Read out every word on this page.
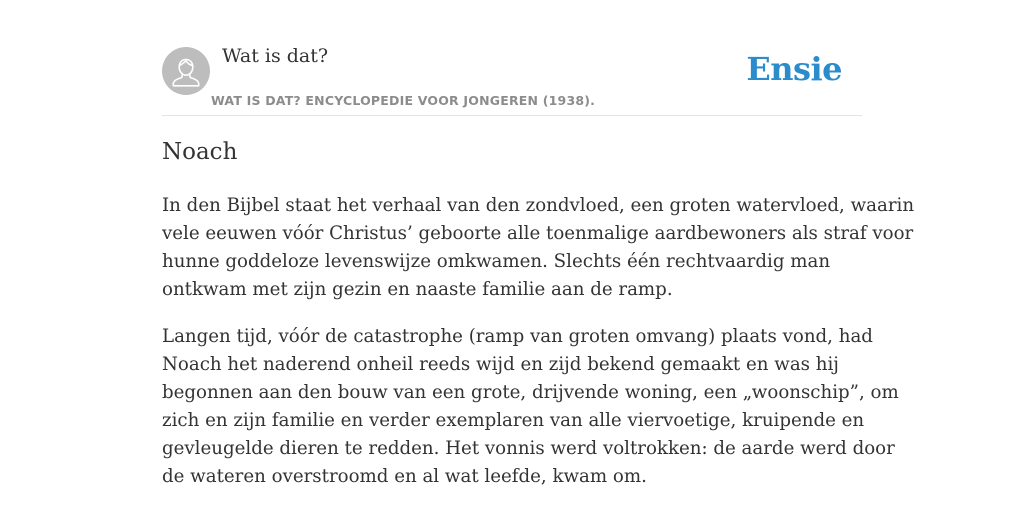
Wat is dat?
WAT IS DAT? ENCYCLOPEDIE VOOR JONGEREN (1938).
Ensie
Noach

In den Bijbel staat het verhaal van den zondvloed, een groten watervloed, waarin
vele eeuwen vóór Christus’ geboorte alle toenmalige aardbewoners als straf voor
hunne goddeloze levenswijze omkwamen. Slechts één rechtvaardig man
ontkwam met zijn gezin en naaste familie aan de ramp.

Langen tijd, vóór de catastrophe (ramp van groten omvang) plaats vond, had
Noach het naderend onheil reeds wijd en zijd bekend gemaakt en was hij
begonnen aan den bouw van een grote, drijvende woning, een „woonschip”, om
zich en zijn familie en verder exemplaren van alle viervoetige, kruipende en
gevleugelde dieren te redden. Het vonnis werd voltrokken: de aarde werd door
de wateren overstroomd en al wat leefde, kwam om.
